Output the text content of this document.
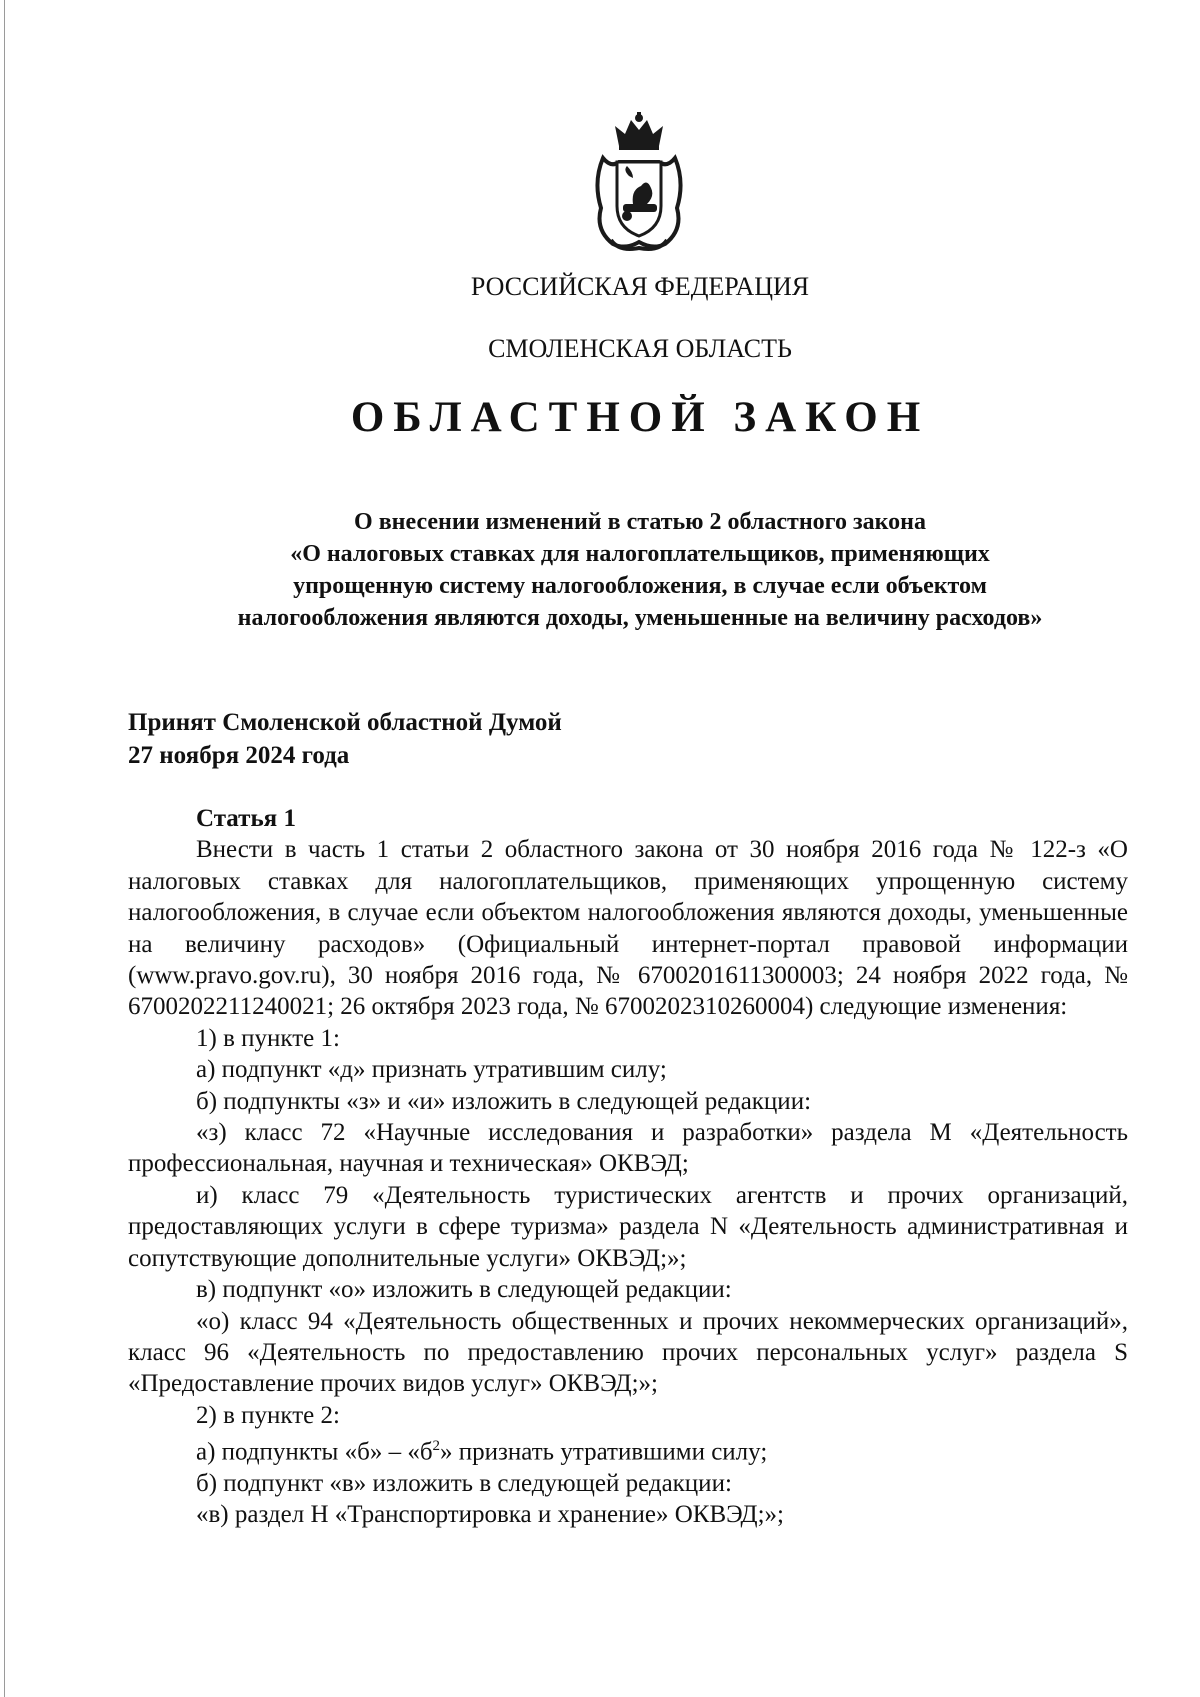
РОССИЙСКАЯ ФЕДЕРАЦИЯ
СМОЛЕНСКАЯ ОБЛАСТЬ
ОБЛАСТНОЙ ЗАКОН
О внесении изменений в статью 2 областного закона
«О налоговых ставках для налогоплательщиков, применяющих
упрощенную систему налогообложения, в случае если объектом
налогообложения являются доходы, уменьшенные на величину расходов»
Принят Смоленской областной Думой
27 ноября 2024 года
Статья 1

Внести в часть 1 статьи 2 областного закона от 30 ноября 2016 года № 122-з «О налоговых ставках для налогоплательщиков, применяющих упрощенную систему налогообложения, в случае если объектом налогообложения являются доходы, уменьшенные на величину расходов» (Официальный интернет-портал правовой информации (www.pravo.gov.ru), 30 ноября 2016 года, № 6700201611300003; 24 ноября 2022 года, № 6700202211240021; 26 октября 2023 года, № 6700202310260004) следующие изменения:

1) в пункте 1:

а) подпункт «д» признать утратившим силу;

б) подпункты «з» и «и» изложить в следующей редакции:

«з) класс 72 «Научные исследования и разработки» раздела M «Деятельность профессиональная, научная и техническая» ОКВЭД;

и) класс 79 «Деятельность туристических агентств и прочих организаций, предоставляющих услуги в сфере туризма» раздела N «Деятельность административная и сопутствующие дополнительные услуги» ОКВЭД;»;

в) подпункт «о» изложить в следующей редакции:

«о) класс 94 «Деятельность общественных и прочих некоммерческих организаций», класс 96 «Деятельность по предоставлению прочих персональных услуг» раздела S «Предоставление прочих видов услуг» ОКВЭД;»;

2) в пункте 2:

а) подпункты «б» – «$б^2$» признать утратившими силу;

б) подпункт «в» изложить в следующей редакции:

«в) раздел H «Транспортировка и хранение» ОКВЭД;»;
